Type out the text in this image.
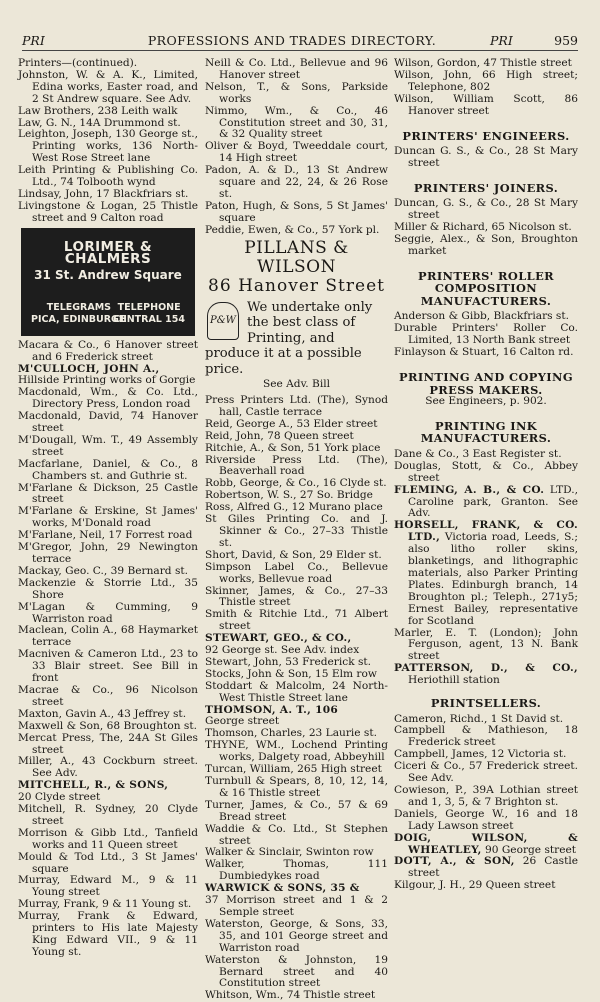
PRI	PROFESSIONS AND TRADES DIRECTORY.	PRI	959

Printers—(continued).

Johnston, W. & A. K., Limited, Edina works, Easter road, and 2 St Andrew square. See Adv.

Law Brothers, 238 Leith walk

Law, G. N., 14A Drummond st.

Leighton, Joseph, 130 George st., Printing works, 136 North-West Rose Street lane

Leith Printing & Publishing Co. Ltd., 74 Tolbooth wynd

Lindsay, John, 17 Blackfriars st.

Livingstone & Logan, 25 Thistle street and 9 Calton road

LORIMER & CHALMERS
31 St. Andrew Square
TELEGRAMS
PICA, EDINBURGH
TELEPHONE
CENTRAL 154

Macara & Co., 6 Hanover street and 6 Frederick street

M'CULLOCH, JOHN A.,

Hillside Printing works of Gorgie

Macdonald, Wm., & Co. Ltd., Directory Press, London road

Macdonald, David, 74 Hanover street

M'Dougall, Wm. T., 49 Assembly street

Macfarlane, Daniel, & Co., 8 Chambers st. and Guthrie st.

M'Farlane & Dickson, 25 Castle street

M'Farlane & Erskine, St James' works, M'Donald road

M'Farlane, Neil, 17 Forrest road

M'Gregor, John, 29 Newington terrace

Mackay, Geo. C., 39 Bernard st.

Mackenzie & Storrie Ltd., 35 Shore

M'Lagan & Cumming, 9 Warriston road

Maclean, Colin A., 68 Haymarket terrace

Macniven & Cameron Ltd., 23 to 33 Blair street. See Bill in front

Macrae & Co., 96 Nicolson street

Maxton, Gavin A., 43 Jeffrey st.

Maxwell & Son, 68 Broughton st.

Mercat Press, The, 24A St Giles street

Miller, A., 43 Cockburn street. See Adv.

MITCHELL, R., & SONS,

20 Clyde street

Mitchell, R. Sydney, 20 Clyde street

Morrison & Gibb Ltd., Tanfield works and 11 Queen street

Mould & Tod Ltd., 3 St James' square

Murray, Edward M., 9 & 11 Young street

Murray, Frank, 9 & 11 Young st.

Murray, Frank & Edward, printers to His late Majesty King Edward VII., 9 & 11 Young st.

Neill & Co. Ltd., Bellevue and 96 Hanover street

Nelson, T., & Sons, Parkside works

Nimmo, Wm., & Co., 46 Constitution street and 30, 31, & 32 Quality street

Oliver & Boyd, Tweeddale court, 14 High street

Padon, A. & D., 13 St Andrew square and 22, 24, & 26 Rose st.

Paton, Hugh, & Sons, 5 St James' square

Peddie, Ewen, & Co., 57 York pl.

PILLANS & WILSON
86 Hanover Street
P&W
We undertake only the best class of Printing, and produce it at a possible price.

See Adv. Bill

Press Printers Ltd. (The), Synod hall, Castle terrace

Reid, George A., 53 Elder street

Reid, John, 78 Queen street

Ritchie, A., & Son, 51 York place

Riverside Press Ltd. (The), Beaverhall road

Robb, George, & Co., 16 Clyde st.

Robertson, W. S., 27 So. Bridge

Ross, Alfred G., 12 Murano place

St Giles Printing Co. and J. Skinner & Co., 27–33 Thistle st.

Short, David, & Son, 29 Elder st.

Simpson Label Co., Bellevue works, Bellevue road

Skinner, James, & Co., 27–33 Thistle street

Smith & Ritchie Ltd., 71 Albert street

STEWART, GEO., & CO.,

92 George st. See Adv. index

Stewart, John, 53 Frederick st.

Stocks, John & Son, 15 Elm row

Stoddart & Malcolm, 24 North-West Thistle Street lane

THOMSON, A. T., 106

George street

Thomson, Charles, 23 Laurie st.

THYNE, WM., Lochend Printing works, Dalgety road, Abbeyhill

Turcan, William, 265 High street

Turnbull & Spears, 8, 10, 12, 14, & 16 Thistle street

Turner, James, & Co., 57 & 69 Bread street

Waddie & Co. Ltd., St Stephen street

Walker & Sinclair, Swinton row

Walker, Thomas, 111 Dumbiedykes road

WARWICK & SONS, 35 &

37 Morrison street and 1 & 2 Semple street

Waterston, George, & Sons, 33, 35, and 101 George street and Warriston road

Waterston & Johnston, 19 Bernard street and 40 Constitution street

Whitson, Wm., 74 Thistle street

Wilson, Gordon, 47 Thistle street

Wilson, John, 66 High street; Telephone, 802

Wilson, William Scott, 86 Hanover street

PRINTERS' ENGINEERS.

Duncan G. S., & Co., 28 St Mary street

PRINTERS' JOINERS.

Duncan, G. S., & Co., 28 St Mary street

Miller & Richard, 65 Nicolson st.

Seggie, Alex., & Son, Broughton market

PRINTERS' ROLLER COMPOSITION MANUFACTURERS.

Anderson & Gibb, Blackfriars st.

Durable Printers' Roller Co. Limited, 13 North Bank street

Finlayson & Stuart, 16 Calton rd.

PRINTING AND COPYING PRESS MAKERS.

See Engineers, p. 902.

PRINTING INK MANUFACTURERS.

Dane & Co., 3 East Register st.

Douglas, Stott, & Co., Abbey street

FLEMING, A. B., & CO. LTD., Caroline park, Granton. See Adv.

HORSELL, FRANK, & CO. LTD., Victoria road, Leeds, S.; also litho roller skins, blanketings, and lithographic materials, also Parker Printing Plates. Edinburgh branch, 14 Broughton pl.; Teleph., 271y5; Ernest Bailey, representative for Scotland

Marler, E. T. (London); John Ferguson, agent, 13 N. Bank street

PATTERSON, D., & CO., Heriothill station

PRINTSELLERS.

Cameron, Richd., 1 St David st.

Campbell & Mathieson, 18 Frederick street

Campbell, James, 12 Victoria st.

Ciceri & Co., 57 Frederick street. See Adv.

Cowieson, P., 39A Lothian street and 1, 3, 5, & 7 Brighton st.

Daniels, George W., 16 and 18 Lady Lawson street

DOIG, WILSON, & WHEATLEY, 90 George street

DOTT, A., & SON, 26 Castle street

Kilgour, J. H., 29 Queen street
